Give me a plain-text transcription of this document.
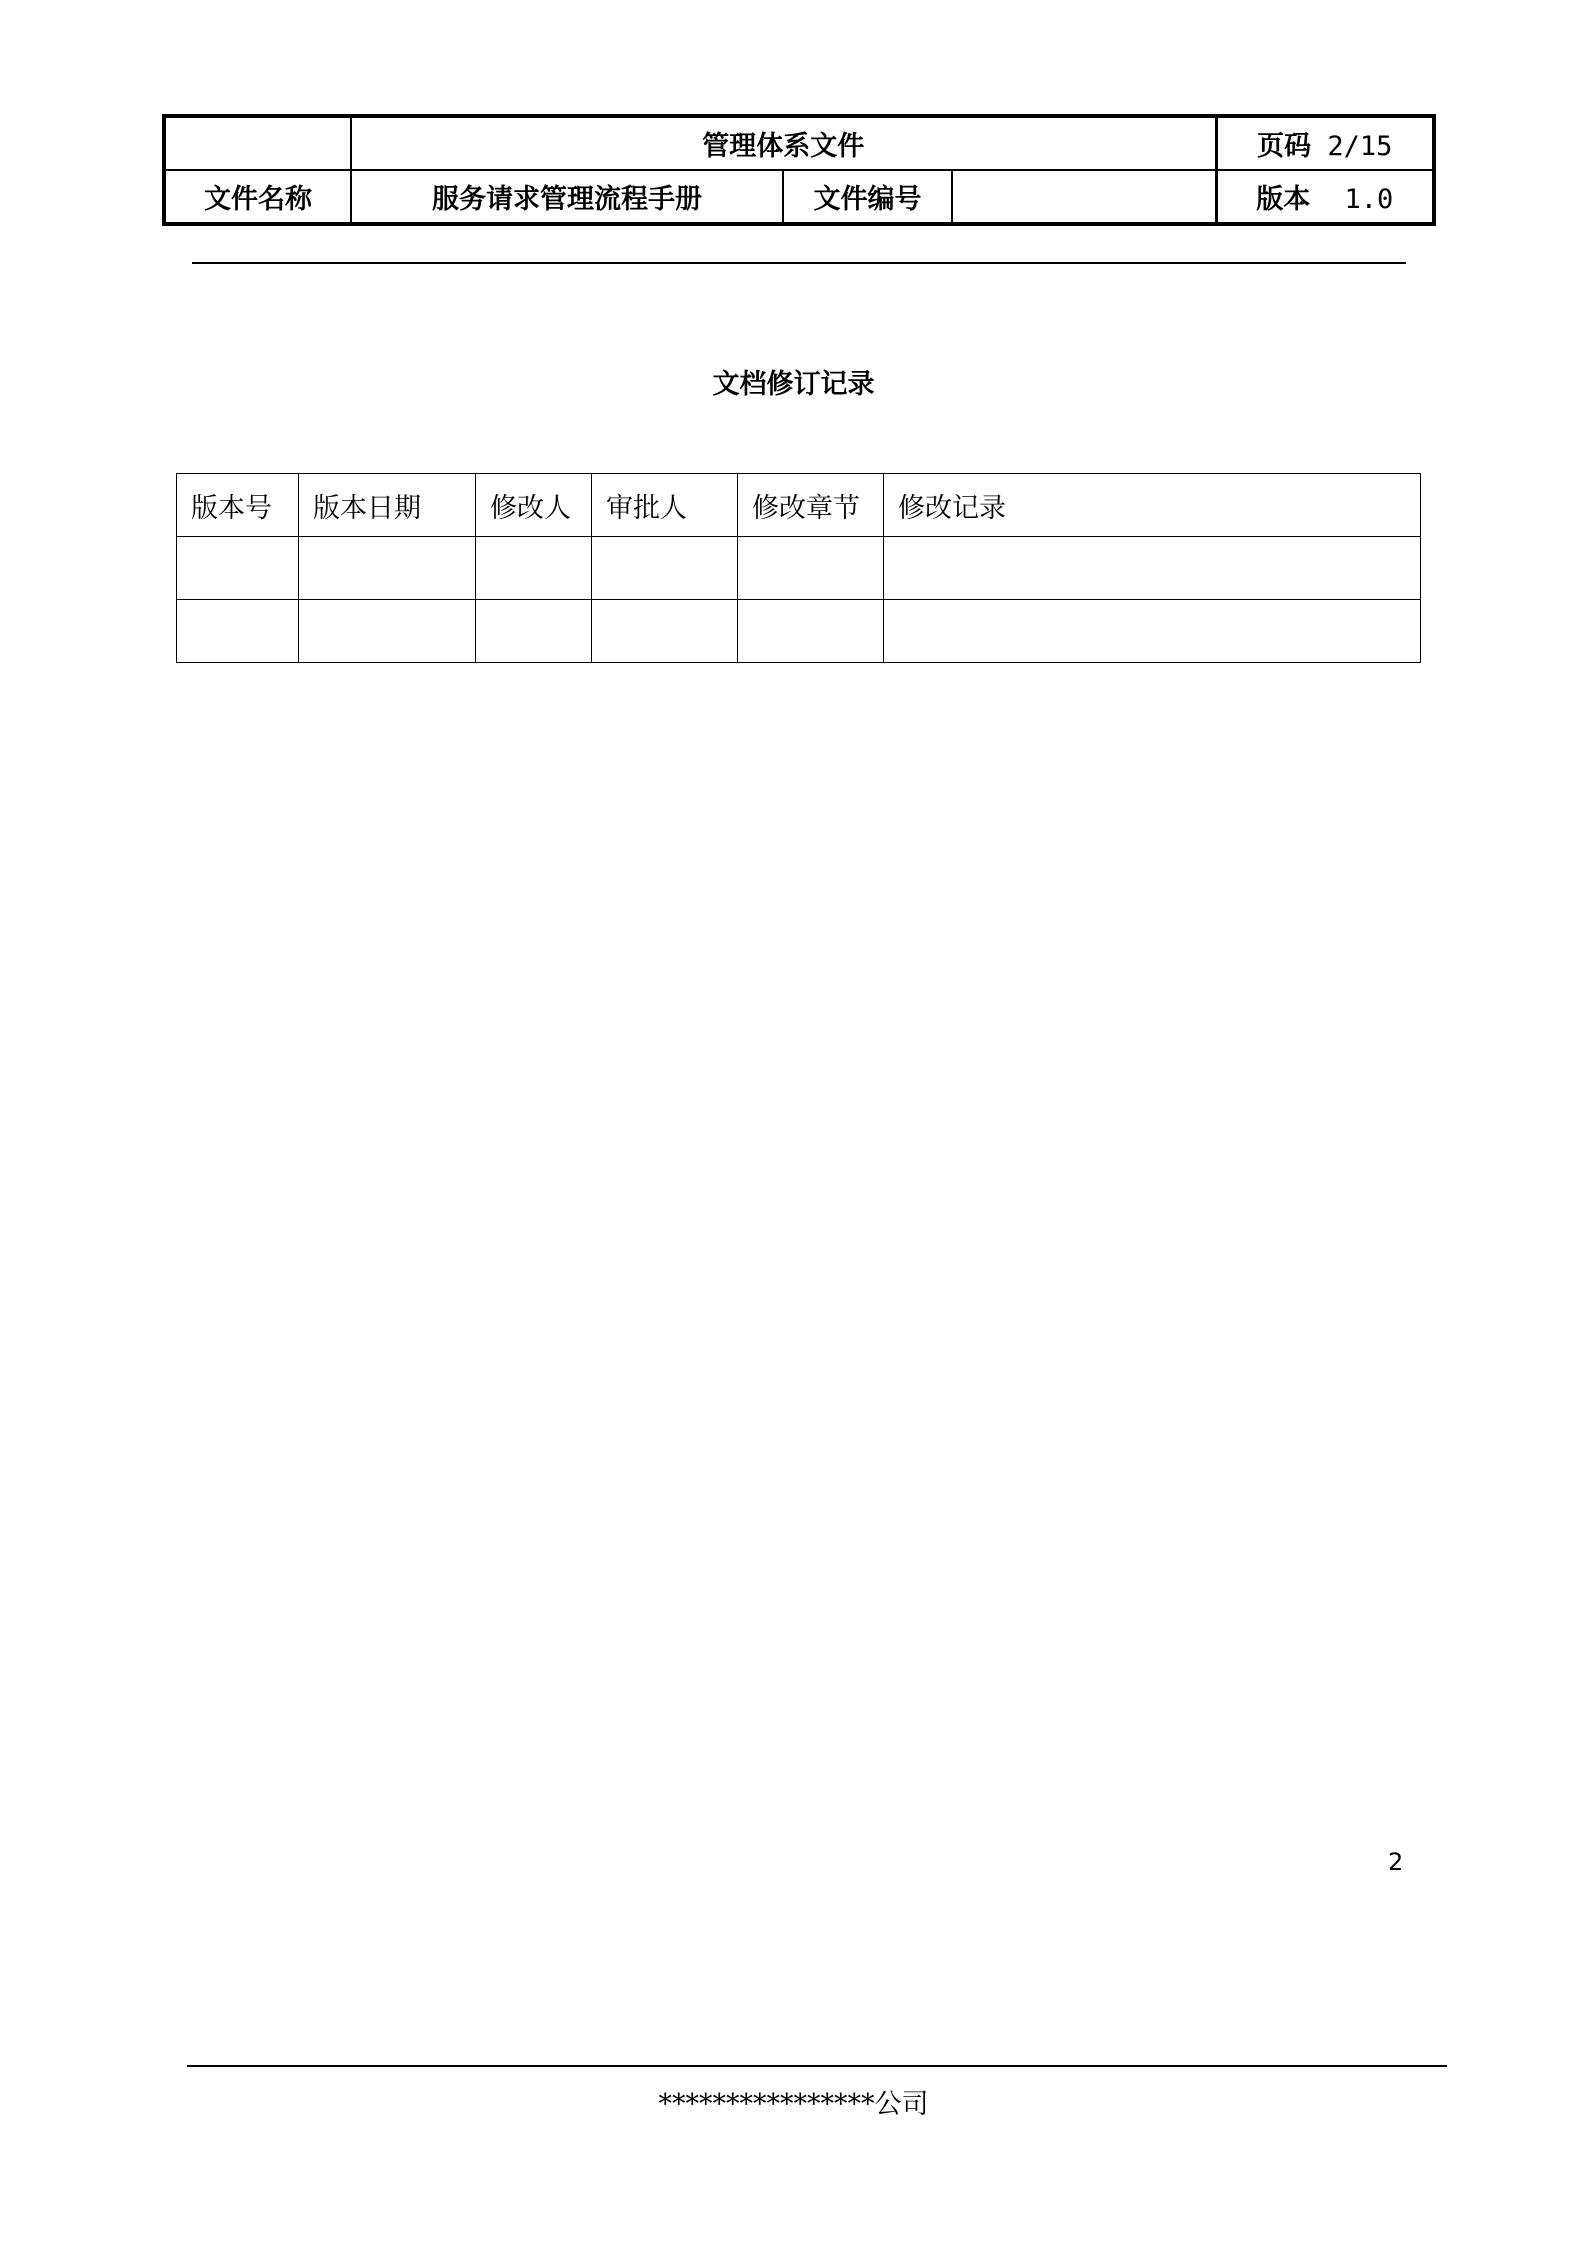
	管理体系文件			页码 2/15
文件名称	服务请求管理流程手册	文件编号		版本 1.0
文档修订记录
版本号	版本日期	修改人	审批人	修改章节	修改记录

2
****************公司
